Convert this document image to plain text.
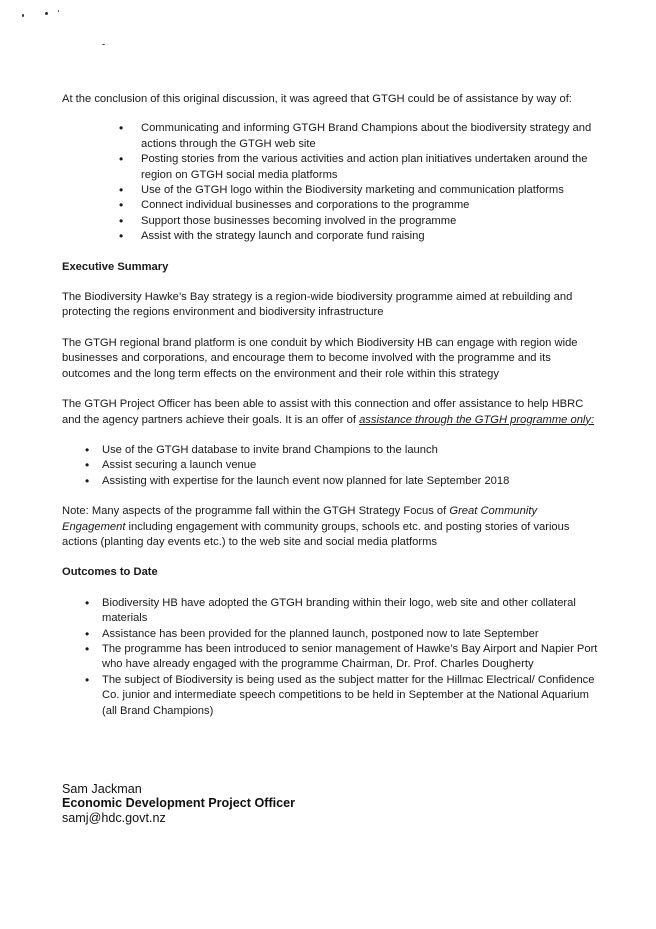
At the conclusion of this original discussion, it was agreed that GTGH could be of assistance by way of:

• Communicating and informing GTGH Brand Champions about the biodiversity strategy and actions through the GTGH web site
• Posting stories from the various activities and action plan initiatives undertaken around the region on GTGH social media platforms
• Use of the GTGH logo within the Biodiversity marketing and communication platforms
• Connect individual businesses and corporations to the programme
• Support those businesses becoming involved in the programme
• Assist with the strategy launch and corporate fund raising

Executive Summary

The Biodiversity Hawke’s Bay strategy is a region-wide biodiversity programme aimed at rebuilding and protecting the regions environment and biodiversity infrastructure

The GTGH regional brand platform is one conduit by which Biodiversity HB can engage with region wide businesses and corporations, and encourage them to become involved with the programme and its outcomes and the long term effects on the environment and their role within this strategy

The GTGH Project Officer has been able to assist with this connection and offer assistance to help HBRC and the agency partners achieve their goals. It is an offer of assistance through the GTGH programme only:

• Use of the GTGH database to invite brand Champions to the launch
• Assist securing a launch venue
• Assisting with expertise for the launch event now planned for late September 2018

Note: Many aspects of the programme fall within the GTGH Strategy Focus of Great Community Engagement including engagement with community groups, schools etc. and posting stories of various actions (planting day events etc.) to the web site and social media platforms

Outcomes to Date

• Biodiversity HB have adopted the GTGH branding within their logo, web site and other collateral materials
• Assistance has been provided for the planned launch, postponed now to late September
• The programme has been introduced to senior management of Hawke’s Bay Airport and Napier Port who have already engaged with the programme Chairman, Dr. Prof. Charles Dougherty
• The subject of Biodiversity is being used as the subject matter for the Hillmac Electrical/ Confidence Co. junior and intermediate speech competitions to be held in September at the National Aquarium (all Brand Champions)
Sam Jackman
Economic Development Project Officer
samj@hdc.govt.nz
